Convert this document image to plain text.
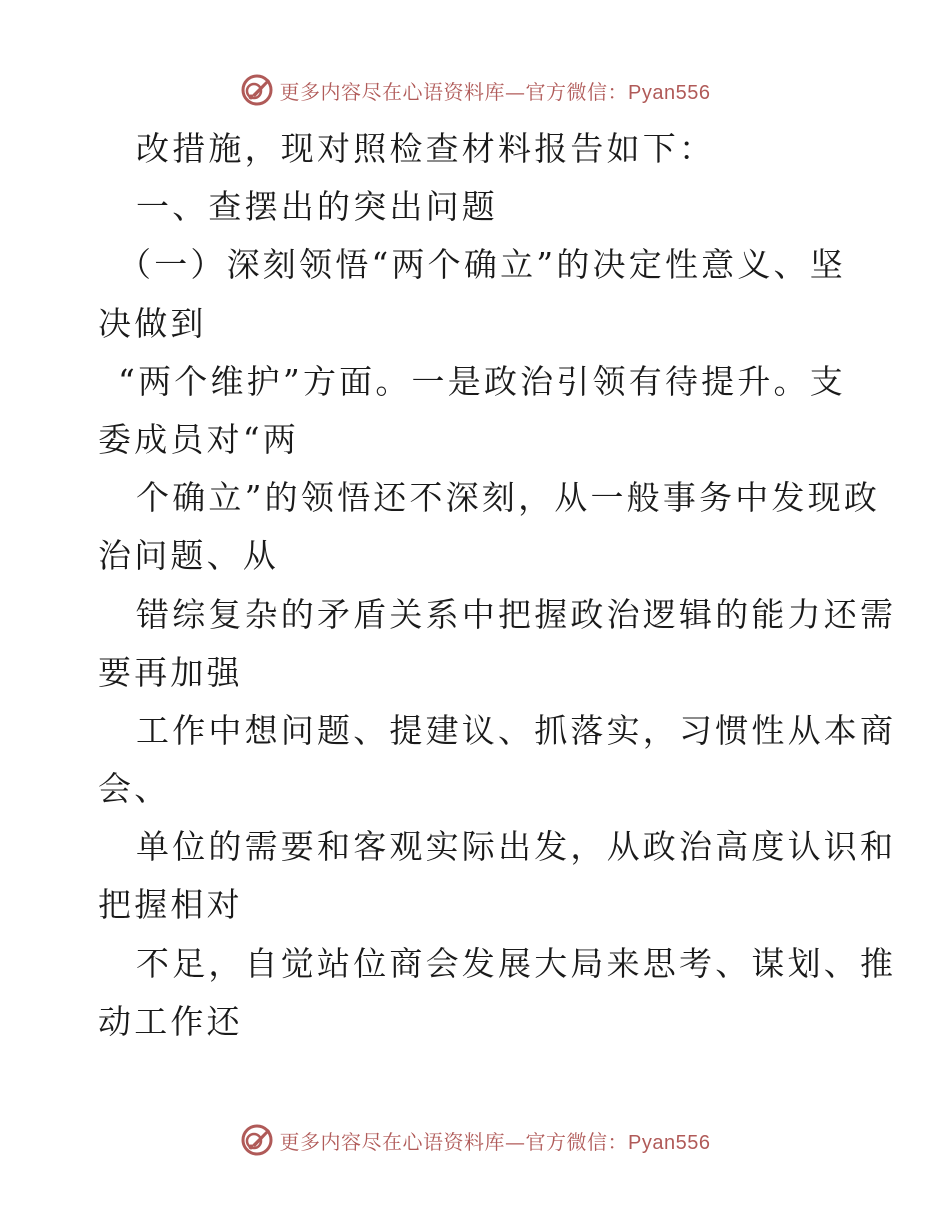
更多内容尽在心语资料库—官方微信：Pyan556
改措施，现对照检查材料报告如下：
一、查摆出的突出问题
（一）深刻领悟“两个确立”的决定性意义、坚
决做到
“两个维护”方面。一是政治引领有待提升。支
委成员对“两
个确立”的领悟还不深刻，从一般事务中发现政
治问题、从
错综复杂的矛盾关系中把握政治逻辑的能力还需
要再加强
工作中想问题、提建议、抓落实，习惯性从本商
会、
单位的需要和客观实际出发，从政治高度认识和
把握相对
不足，自觉站位商会发展大局来思考、谋划、推
动工作还
更多内容尽在心语资料库—官方微信：Pyan556
